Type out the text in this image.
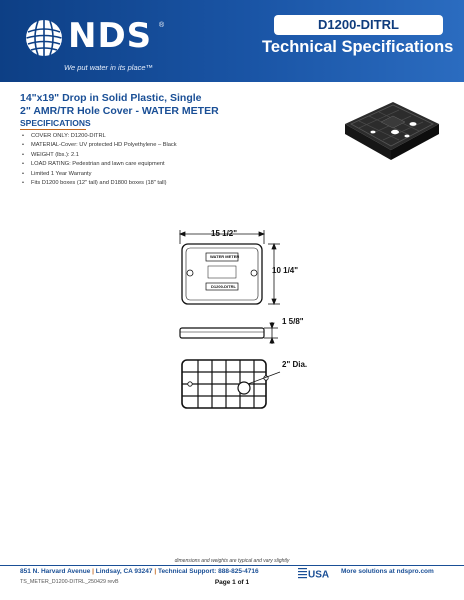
NDS ®
We put water in its place™
D1200-DITRL
Technical Specifications
14"x19" Drop in Solid Plastic, Single
2" AMR/TR Hole Cover - WATER METER
SPECIFICATIONS
• COVER ONLY: D1200-DITRL
• MATERIAL-Cover: UV protected HD Polyethylene – Black
• WEIGHT (lbs.): 2.1
• LOAD RATING: Pedestrian and lawn care equipment
• Limited 1 Year Warranty
• Fits D1200 boxes (12" tall) and D1800 boxes (18" tall)
15 1/2"
10 1/4"
1 5/8"
2" Dia.
WATER METER
D1200-DITRL
dimensions and weights are typical and vary slightly
851 N. Harvard Avenue | Lindsay, CA 93247 | Technical Support: 888-825-4716	USA More solutions at ndspro.com
TS_METER_D1200-DITRL_250429 revB	Page 1 of 1
